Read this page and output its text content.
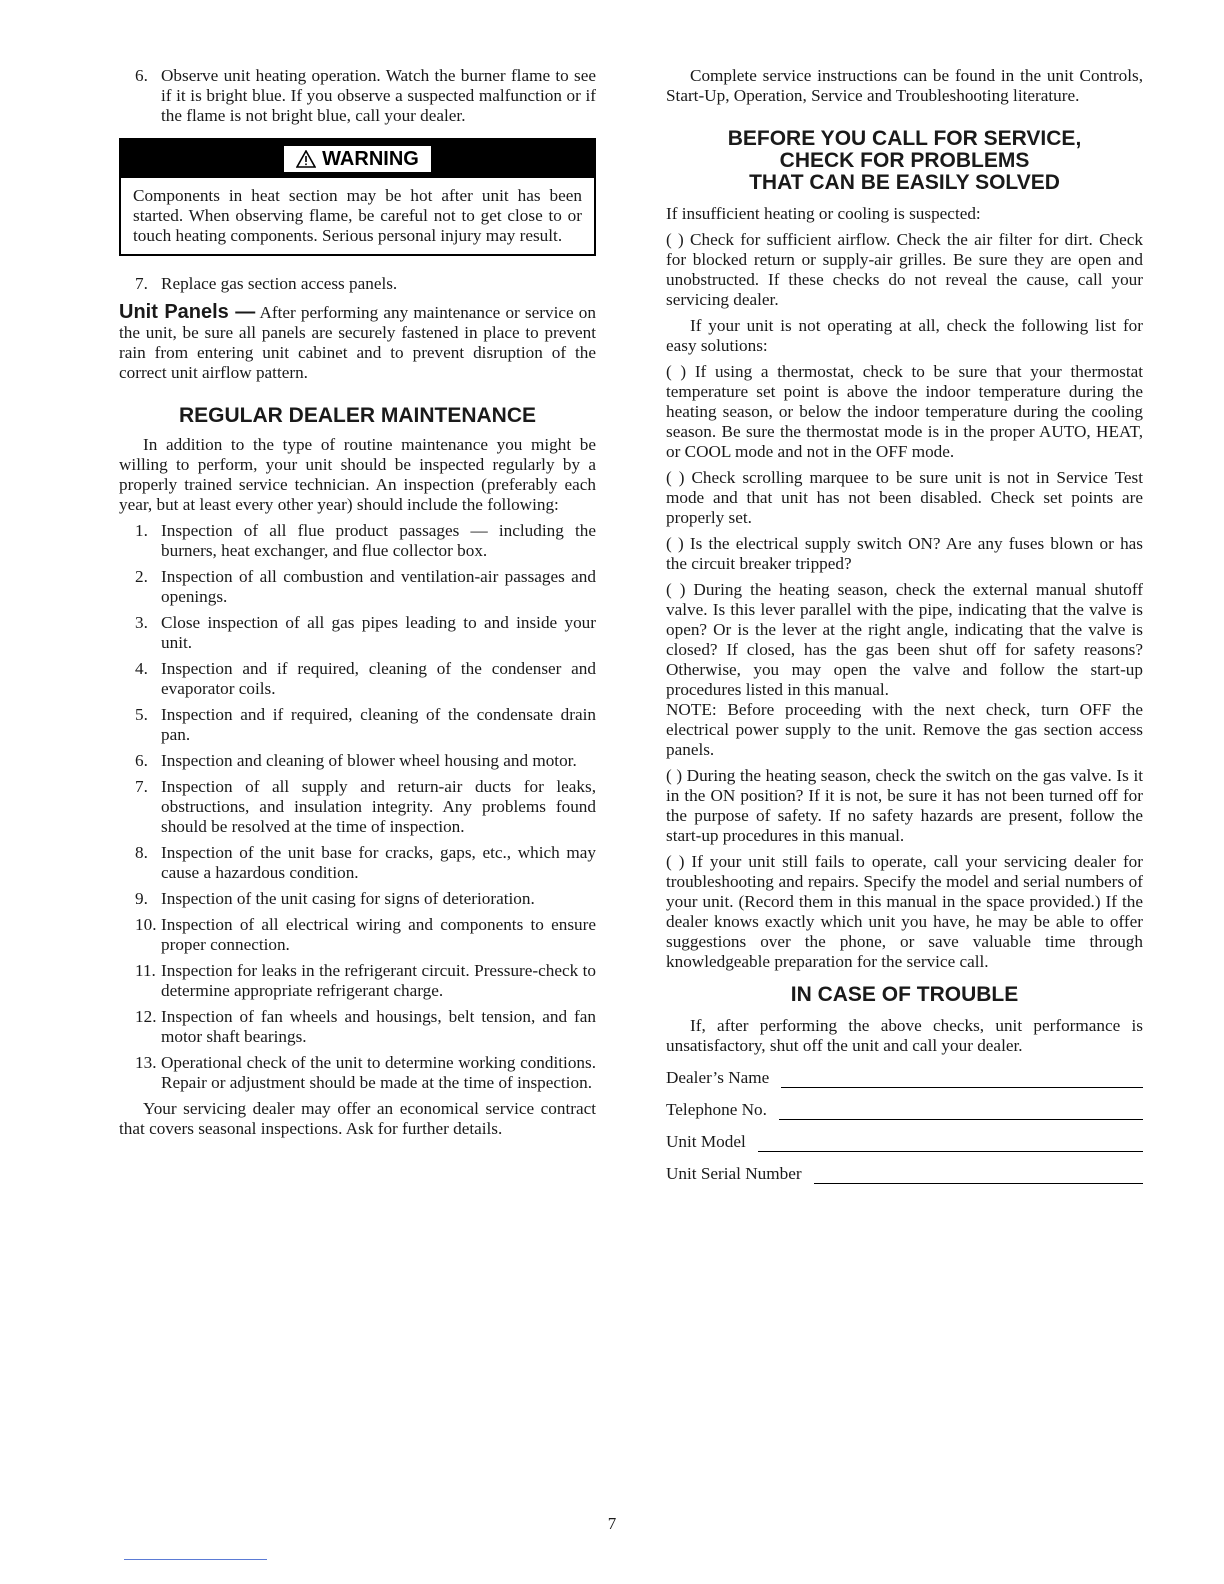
6. Observe unit heating operation. Watch the burner flame to see if it is bright blue. If you observe a suspected malfunction or if the flame is not bright blue, call your dealer.
WARNING

Components in heat section may be hot after unit has been started. When observing flame, be careful not to get close to or touch heating components. Serious personal injury may result.

7. Replace gas section access panels.

Unit Panels — After performing any maintenance or service on the unit, be sure all panels are securely fastened in place to prevent rain from entering unit cabinet and to prevent disruption of the correct unit airflow pattern.

REGULAR DEALER MAINTENANCE

In addition to the type of routine maintenance you might be willing to perform, your unit should be inspected regularly by a properly trained service technician. An inspection (preferably each year, but at least every other year) should include the following:

1. Inspection of all flue product passages — including the burners, heat exchanger, and flue collector box.
2. Inspection of all combustion and ventilation-air passages and openings.
3. Close inspection of all gas pipes leading to and inside your unit.
4. Inspection and if required, cleaning of the condenser and evaporator coils.
5. Inspection and if required, cleaning of the condensate drain pan.
6. Inspection and cleaning of blower wheel housing and motor.
7. Inspection of all supply and return-air ducts for leaks, obstructions, and insulation integrity. Any problems found should be resolved at the time of inspection.
8. Inspection of the unit base for cracks, gaps, etc., which may cause a hazardous condition.
9. Inspection of the unit casing for signs of deterioration.
10. Inspection of all electrical wiring and components to ensure proper connection.
11. Inspection for leaks in the refrigerant circuit. Pressure-check to determine appropriate refrigerant charge.
12. Inspection of fan wheels and housings, belt tension, and fan motor shaft bearings.
13. Operational check of the unit to determine working conditions. Repair or adjustment should be made at the time of inspection.

Your servicing dealer may offer an economical service contract that covers seasonal inspections. Ask for further details.

Complete service instructions can be found in the unit Controls, Start-Up, Operation, Service and Troubleshooting literature.

BEFORE YOU CALL FOR SERVICE,
CHECK FOR PROBLEMS
THAT CAN BE EASILY SOLVED

If insufficient heating or cooling is suspected:

( ) Check for sufficient airflow. Check the air filter for dirt. Check for blocked return or supply-air grilles. Be sure they are open and unobstructed. If these checks do not reveal the cause, call your servicing dealer.

If your unit is not operating at all, check the following list for easy solutions:

( ) If using a thermostat, check to be sure that your thermostat temperature set point is above the indoor temperature during the heating season, or below the indoor temperature during the cooling season. Be sure the thermostat mode is in the proper AUTO, HEAT, or COOL mode and not in the OFF mode.

( ) Check scrolling marquee to be sure unit is not in Service Test mode and that unit has not been disabled. Check set points are properly set.

( ) Is the electrical supply switch ON? Are any fuses blown or has the circuit breaker tripped?

( ) During the heating season, check the external manual shutoff valve. Is this lever parallel with the pipe, indicating that the valve is open? Or is the lever at the right angle, indicating that the valve is closed? If closed, has the gas been shut off for safety reasons? Otherwise, you may open the valve and follow the start-up procedures listed in this manual.

NOTE: Before proceeding with the next check, turn OFF the electrical power supply to the unit. Remove the gas section access panels.

( ) During the heating season, check the switch on the gas valve. Is it in the ON position? If it is not, be sure it has not been turned off for the purpose of safety. If no safety hazards are present, follow the start-up procedures in this manual.

( ) If your unit still fails to operate, call your servicing dealer for troubleshooting and repairs. Specify the model and serial numbers of your unit. (Record them in this manual in the space provided.) If the dealer knows exactly which unit you have, he may be able to offer suggestions over the phone, or save valuable time through knowledgeable preparation for the service call.

IN CASE OF TROUBLE

If, after performing the above checks, unit performance is unsatisfactory, shut off the unit and call your dealer.

Dealer’s Name
Telephone No.
Unit Model
Unit Serial Number
7
